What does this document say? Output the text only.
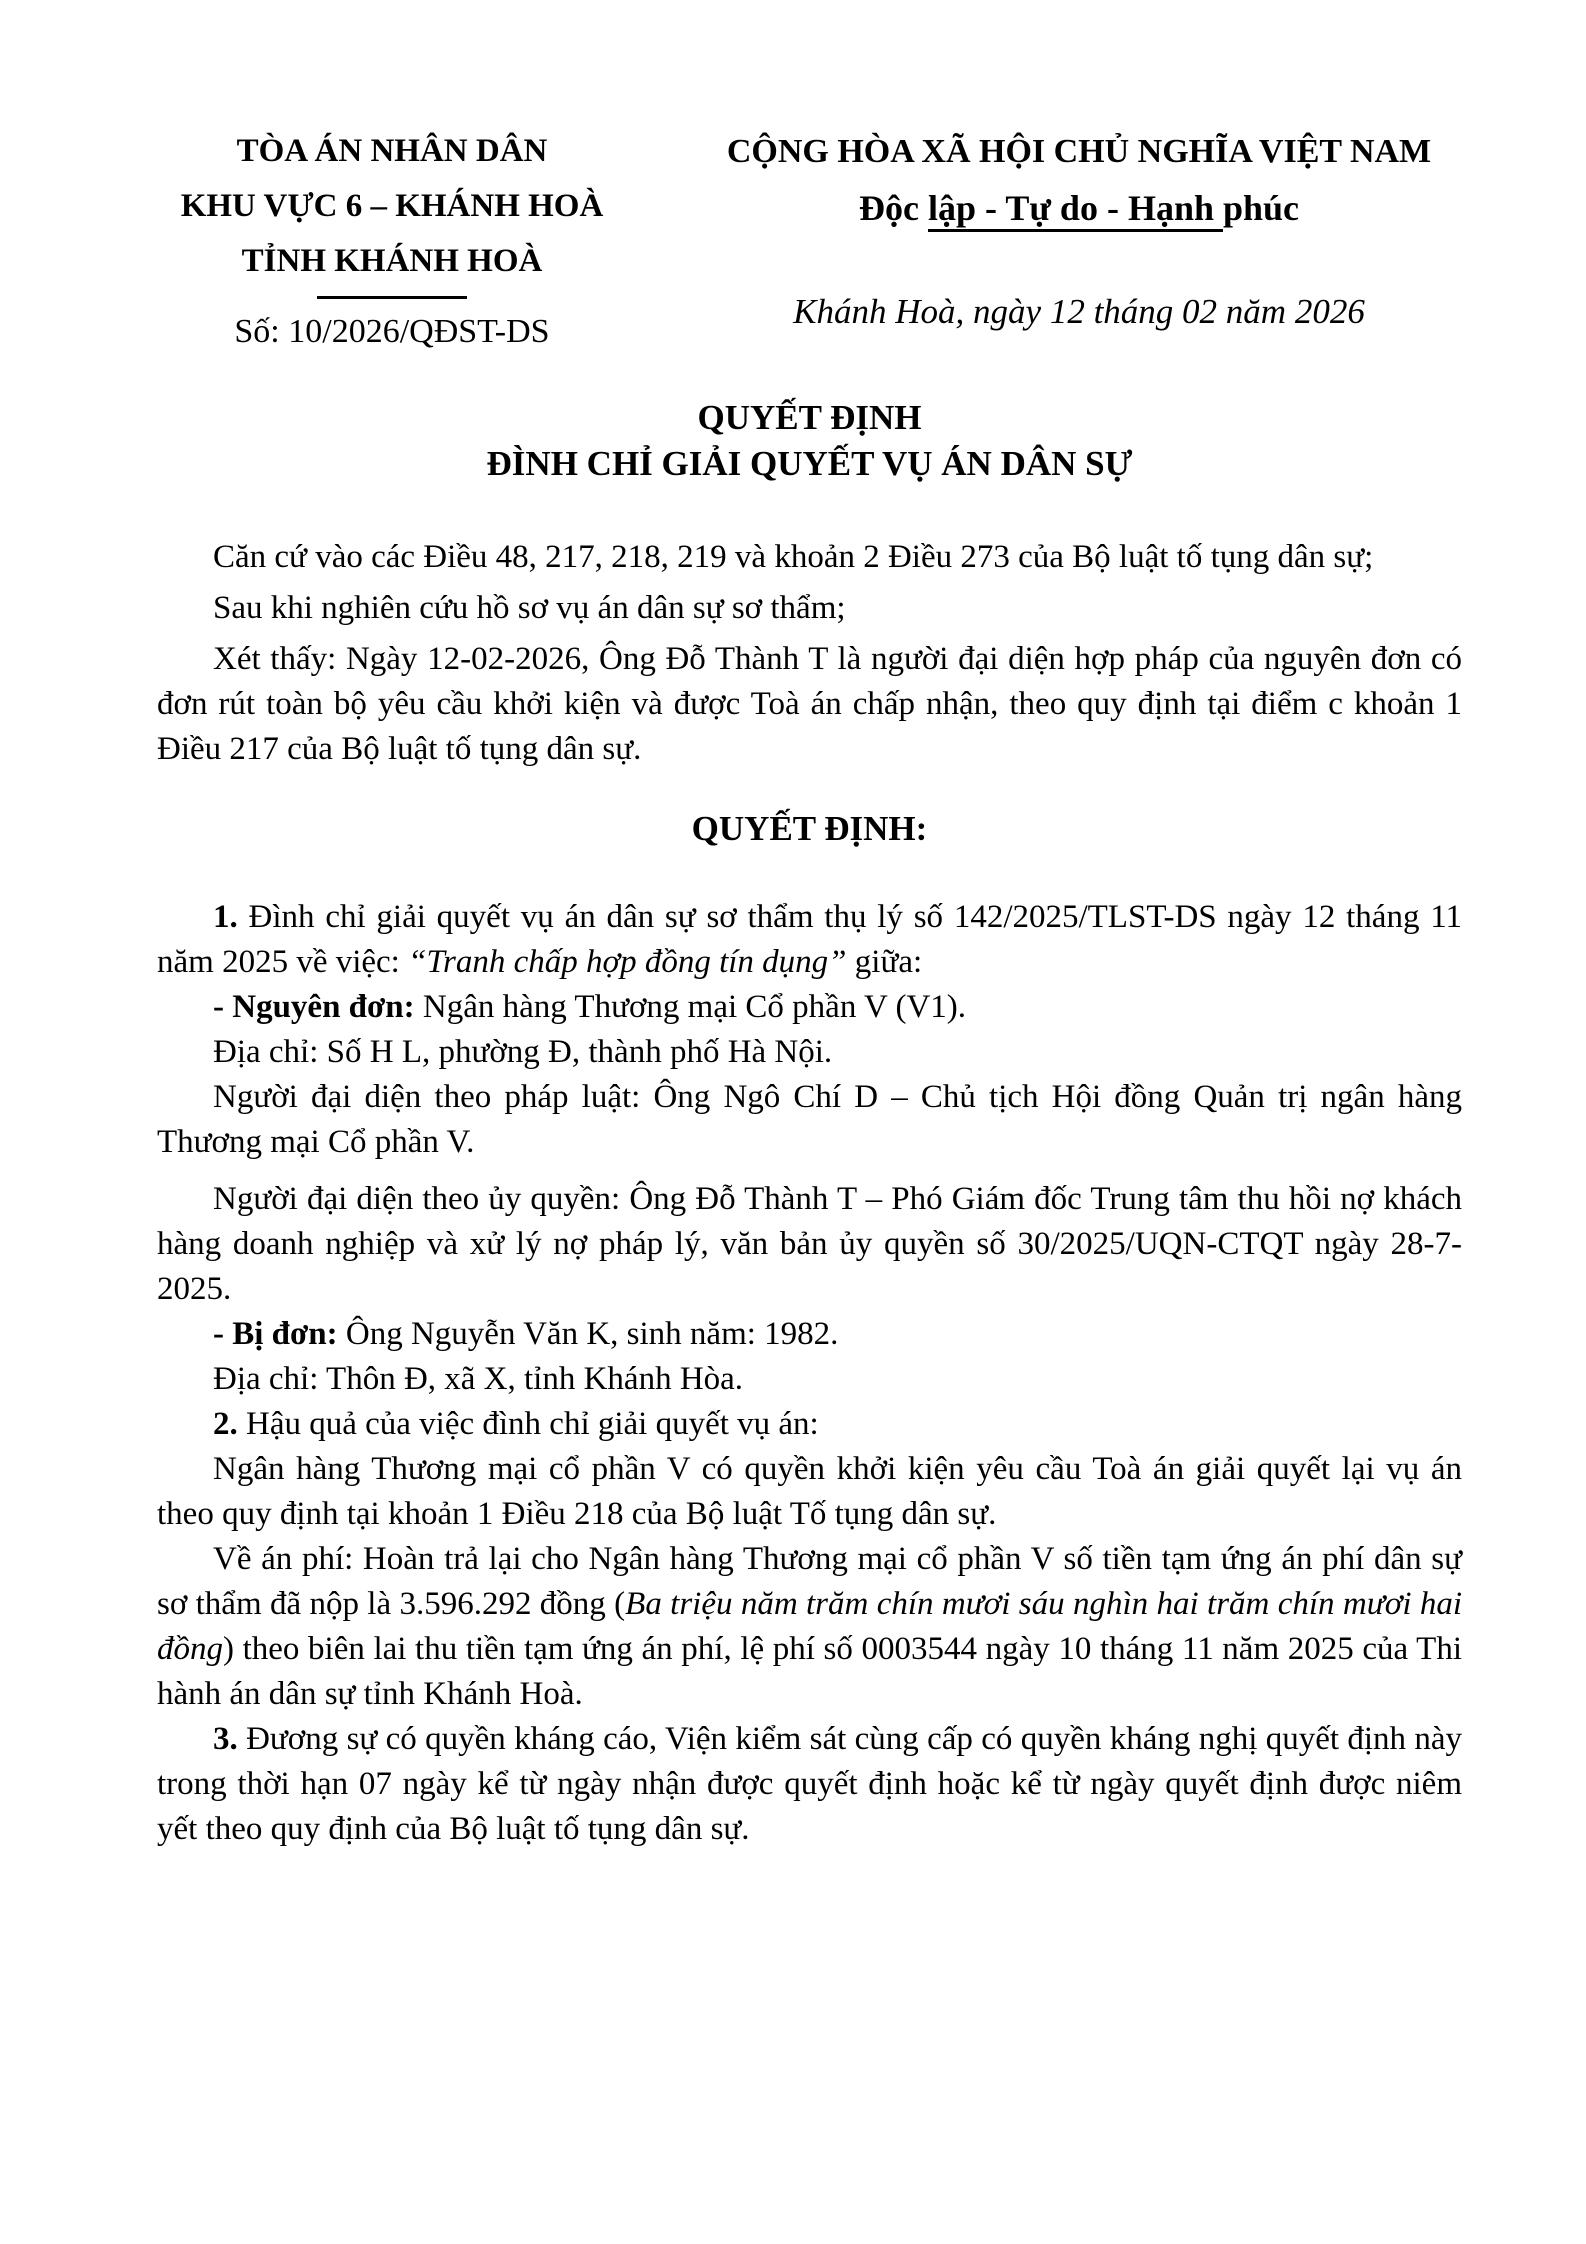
TÒA ÁN NHÂN DÂN
KHU VỰC 6 – KHÁNH HOÀ
TỈNH KHÁNH HOÀ
Số: 10/2026/QĐST-DS
CỘNG HÒA XÃ HỘI CHỦ NGHĨA VIỆT NAM
Độc lập - Tự do - Hạnh phúc
Khánh Hoà, ngày 12 tháng 02 năm 2026
QUYẾT ĐỊNH
ĐÌNH CHỈ GIẢI QUYẾT VỤ ÁN DÂN SỰ

Căn cứ vào các Điều 48, 217, 218, 219 và khoản 2 Điều 273 của Bộ luật tố tụng dân sự;

Sau khi nghiên cứu hồ sơ vụ án dân sự sơ thẩm;

Xét thấy: Ngày 12-02-2026, Ông Đỗ Thành T là người đại diện hợp pháp của nguyên đơn có đơn rút toàn bộ yêu cầu khởi kiện và được Toà án chấp nhận, theo quy định tại điểm c khoản 1 Điều 217 của Bộ luật tố tụng dân sự.

QUYẾT ĐỊNH:

1. Đình chỉ giải quyết vụ án dân sự sơ thẩm thụ lý số 142/2025/TLST-DS ngày 12 tháng 11 năm 2025 về việc: “Tranh chấp hợp đồng tín dụng” giữa:

- Nguyên đơn: Ngân hàng Thương mại Cổ phần V (V1).

Địa chỉ: Số H L, phường Đ, thành phố Hà Nội.

Người đại diện theo pháp luật: Ông Ngô Chí D – Chủ tịch Hội đồng Quản trị ngân hàng Thương mại Cổ phần V.

Người đại diện theo ủy quyền: Ông Đỗ Thành T – Phó Giám đốc Trung tâm thu hồi nợ khách hàng doanh nghiệp và xử lý nợ pháp lý, văn bản ủy quyền số 30/2025/UQN-CTQT ngày 28-7-2025.

- Bị đơn: Ông Nguyễn Văn K, sinh năm: 1982.

Địa chỉ: Thôn Đ, xã X, tỉnh Khánh Hòa.

2. Hậu quả của việc đình chỉ giải quyết vụ án:

Ngân hàng Thương mại cổ phần V có quyền khởi kiện yêu cầu Toà án giải quyết lại vụ án theo quy định tại khoản 1 Điều 218 của Bộ luật Tố tụng dân sự.

Về án phí: Hoàn trả lại cho Ngân hàng Thương mại cổ phần V số tiền tạm ứng án phí dân sự sơ thẩm đã nộp là 3.596.292 đồng (Ba triệu năm trăm chín mươi sáu nghìn hai trăm chín mươi hai đồng) theo biên lai thu tiền tạm ứng án phí, lệ phí số 0003544 ngày 10 tháng 11 năm 2025 của Thi hành án dân sự tỉnh Khánh Hoà.

3. Đương sự có quyền kháng cáo, Viện kiểm sát cùng cấp có quyền kháng nghị quyết định này trong thời hạn 07 ngày kể từ ngày nhận được quyết định hoặc kể từ ngày quyết định được niêm yết theo quy định của Bộ luật tố tụng dân sự.
